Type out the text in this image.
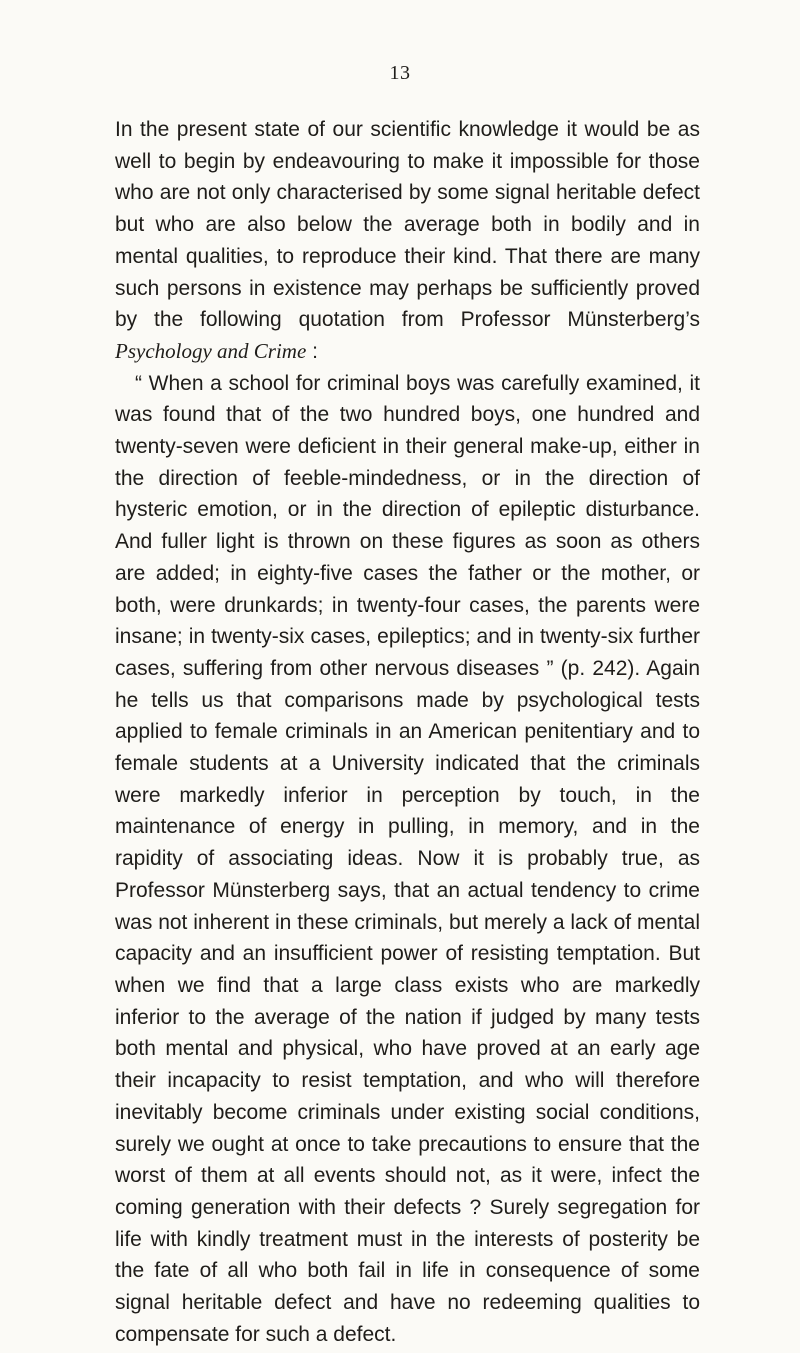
13

In the present state of our scientific knowledge it would be as well to begin by endeavouring to make it impossible for those who are not only characterised by some signal heritable defect but who are also below the average both in bodily and in mental qualities, to reproduce their kind. That there are many such persons in existence may perhaps be sufficiently proved by the following quotation from Professor Münsterberg’s Psychology and Crime :

“ When a school for criminal boys was carefully examined, it was found that of the two hundred boys, one hundred and twenty-seven were deficient in their general make-up, either in the direction of feeble-mindedness, or in the direction of hysteric emotion, or in the direction of epileptic disturbance. And fuller light is thrown on these figures as soon as others are added; in eighty-five cases the father or the mother, or both, were drunkards; in twenty-four cases, the parents were insane; in twenty-six cases, epileptics; and in twenty-six further cases, suffering from other nervous diseases ” (p. 242). Again he tells us that comparisons made by psychological tests applied to female criminals in an American penitentiary and to female students at a University indicated that the criminals were markedly inferior in perception by touch, in the maintenance of energy in pulling, in memory, and in the rapidity of associating ideas. Now it is probably true, as Professor Münsterberg says, that an actual tendency to crime was not inherent in these criminals, but merely a lack of mental capacity and an insufficient power of resisting temptation. But when we find that a large class exists who are markedly inferior to the average of the nation if judged by many tests both mental and physical, who have proved at an early age their incapacity to resist temptation, and who will therefore inevitably become criminals under existing social conditions, surely we ought at once to take precautions to ensure that the worst of them at all events should not, as it were, infect the coming generation with their defects ? Surely segregation for life with kindly treatment must in the interests of posterity be the fate of all who both fail in life in consequence of some signal heritable defect and have no redeeming qualities to compensate for such a defect.
